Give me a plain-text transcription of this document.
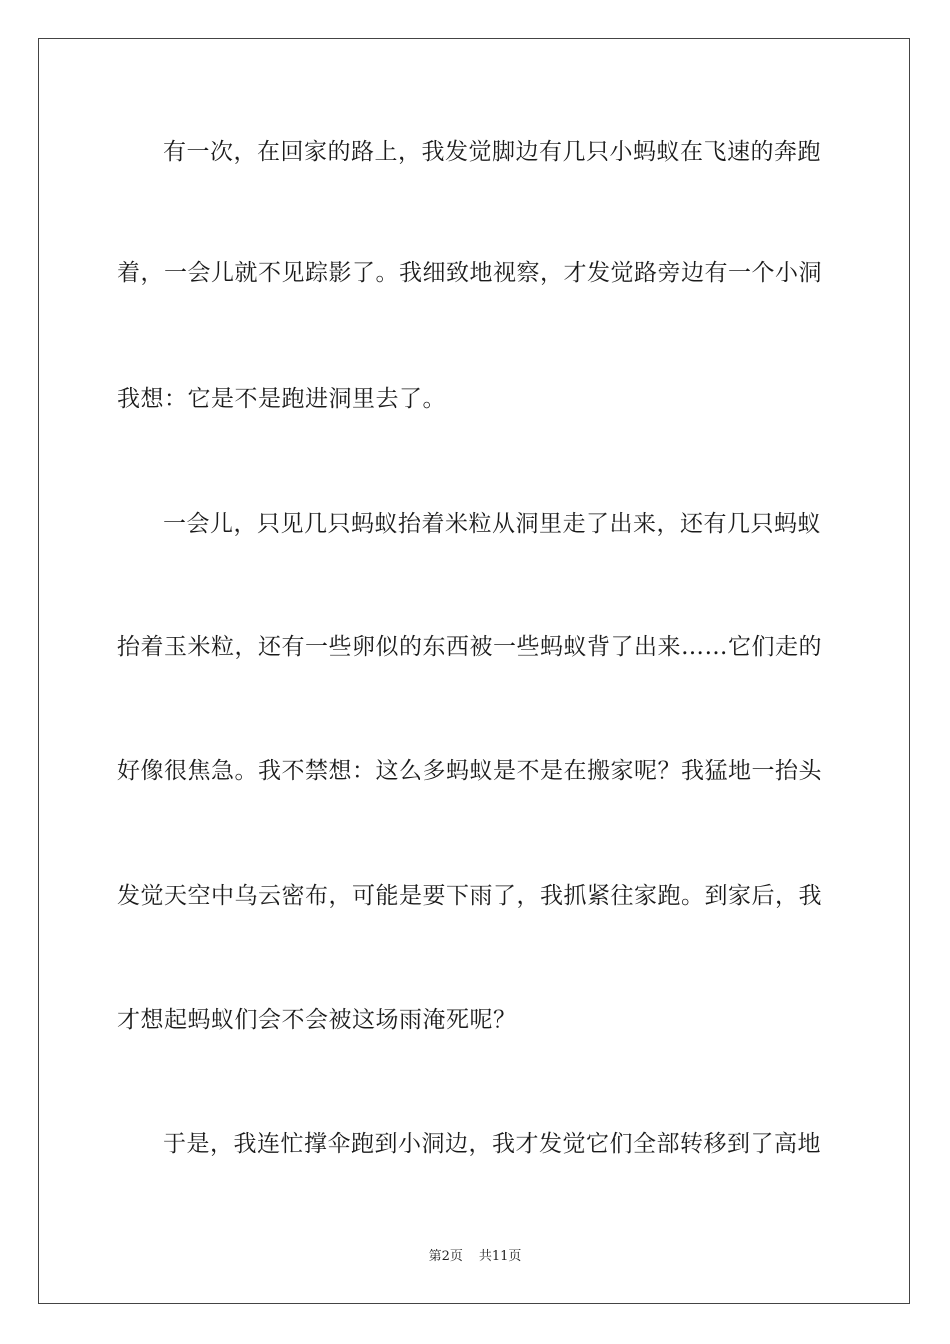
有一次，在回家的路上，我发觉脚边有几只小蚂蚁在飞速的奔跑
着，一会儿就不见踪影了。我细致地视察，才发觉路旁边有一个小洞
我想：它是不是跑进洞里去了。
一会儿，只见几只蚂蚁抬着米粒从洞里走了出来，还有几只蚂蚁
抬着玉米粒，还有一些卵似的东西被一些蚂蚁背了出来……它们走的
好像很焦急。我不禁想：这么多蚂蚁是不是在搬家呢？我猛地一抬头
发觉天空中乌云密布，可能是要下雨了，我抓紧往家跑。到家后，我
才想起蚂蚁们会不会被这场雨淹死呢？
于是，我连忙撑伞跑到小洞边，我才发觉它们全部转移到了高地
第2页 共11页
